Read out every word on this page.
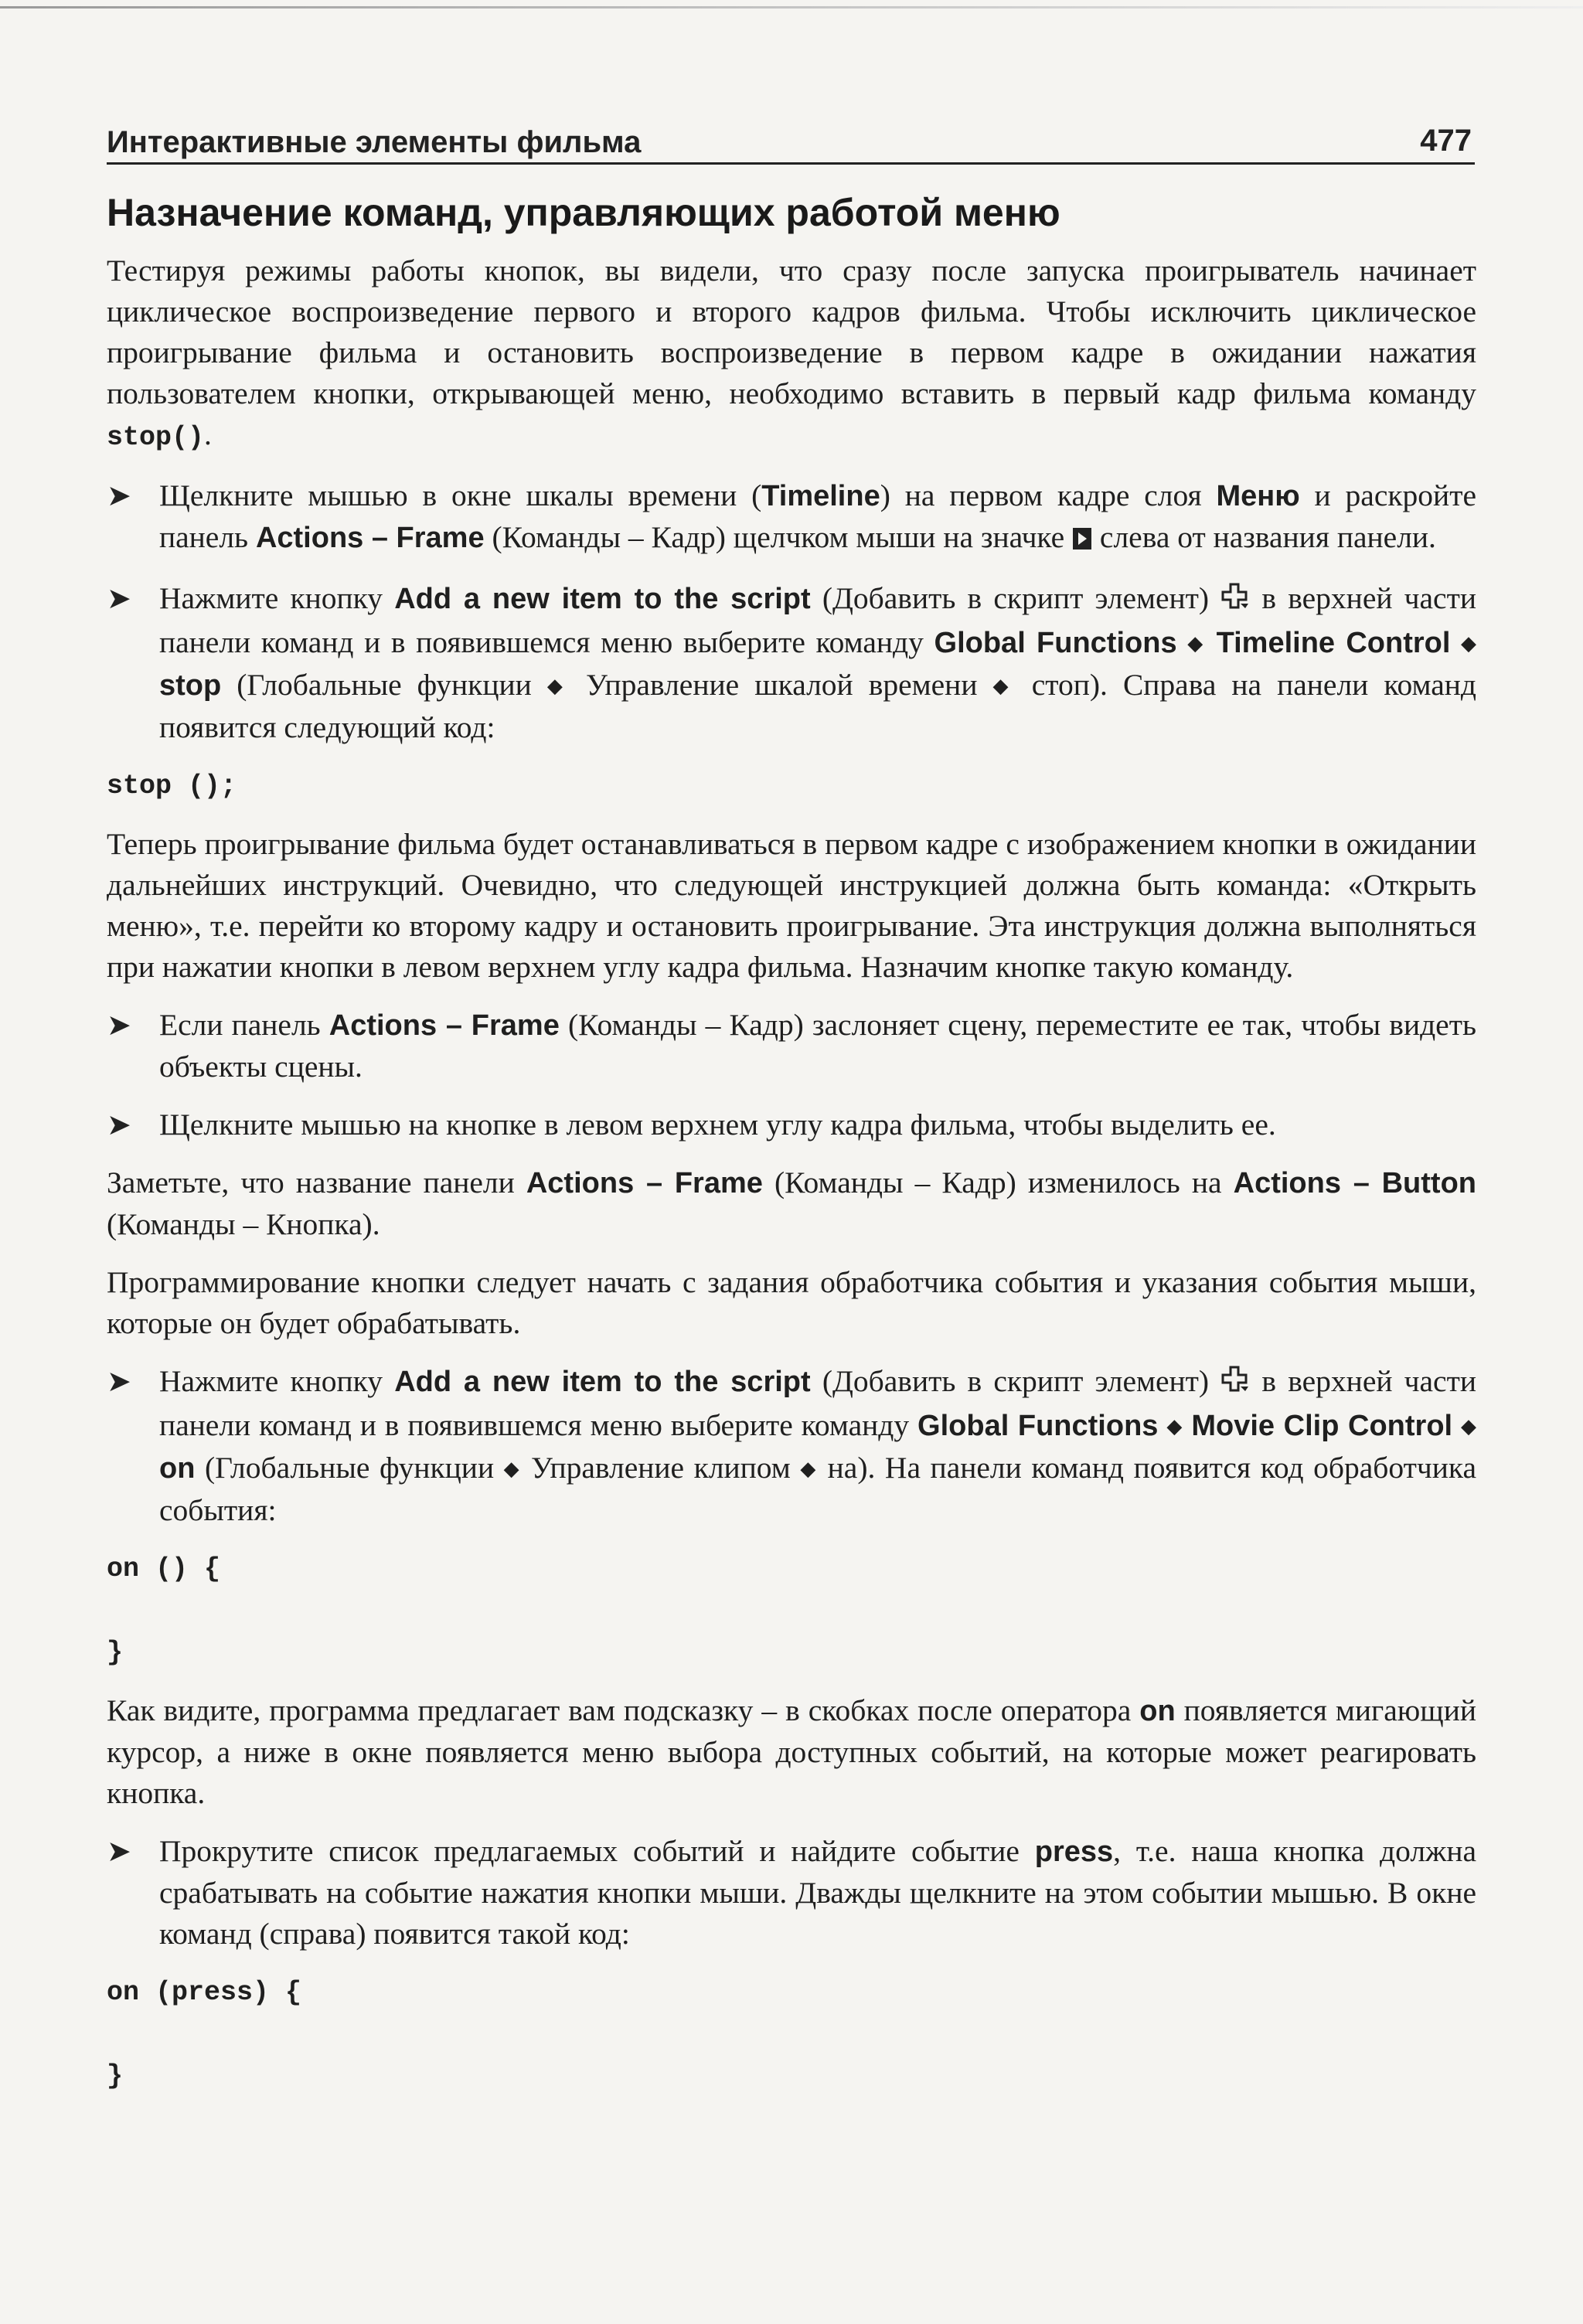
Интерактивные элементы фильма	477
Назначение команд, управляющих работой меню

Тестируя режимы работы кнопок, вы видели, что сразу после запуска проигрыватель начинает циклическое воспроизведение первого и второго кадров фильма. Чтобы исключить циклическое проигрывание фильма и остановить воспроизведение в первом кадре в ожидании нажатия пользователем кнопки, открывающей меню, необходимо вставить в первый кадр фильма команду stop().

➤ Щелкните мышью в окне шкалы времени (Timeline) на первом кадре слоя Меню и раскройте панель Actions – Frame (Команды – Кадр) щелчком мыши на значке  слева от названия панели.

➤ Нажмите кнопку Add a new item to the script (Добавить в скрипт элемент)  в верхней части панели команд и в появившемся меню выберите команду Global Functions ◆ Timeline Control ◆ stop (Глобальные функции ◆ Управление шкалой времени ◆ стоп). Справа на панели команд появится следующий код:

stop ();

Теперь проигрывание фильма будет останавливаться в первом кадре с изображением кнопки в ожидании дальнейших инструкций. Очевидно, что следующей инструкцией должна быть команда: «Открыть меню», т.е. перейти ко второму кадру и остановить проигрывание. Эта инструкция должна выполняться при нажатии кнопки в левом верхнем углу кадра фильма. Назначим кнопке такую команду.

➤ Если панель Actions – Frame (Команды – Кадр) заслоняет сцену, переместите ее так, чтобы видеть объекты сцены.

➤ Щелкните мышью на кнопке в левом верхнем углу кадра фильма, чтобы выделить ее.

Заметьте, что название панели Actions – Frame (Команды – Кадр) изменилось на Actions – Button (Команды – Кнопка).

Программирование кнопки следует начать с задания обработчика события и указания события мыши, которые он будет обрабатывать.

➤ Нажмите кнопку Add a new item to the script (Добавить в скрипт элемент)  в верхней части панели команд и в появившемся меню выберите команду Global Functions ◆ Movie Clip Control ◆ on (Глобальные функции ◆ Управление клипом ◆ на). На панели команд появится код обработчика события:

on () {

}

Как видите, программа предлагает вам подсказку – в скобках после оператора on появляется мигающий курсор, а ниже в окне появляется меню выбора доступных событий, на которые может реагировать кнопка.

➤ Прокрутите список предлагаемых событий и найдите событие press, т.е. наша кнопка должна срабатывать на событие нажатия кнопки мыши. Дважды щелкните на этом событии мышью. В окне команд (справа) появится такой код:

on (press) {

}
